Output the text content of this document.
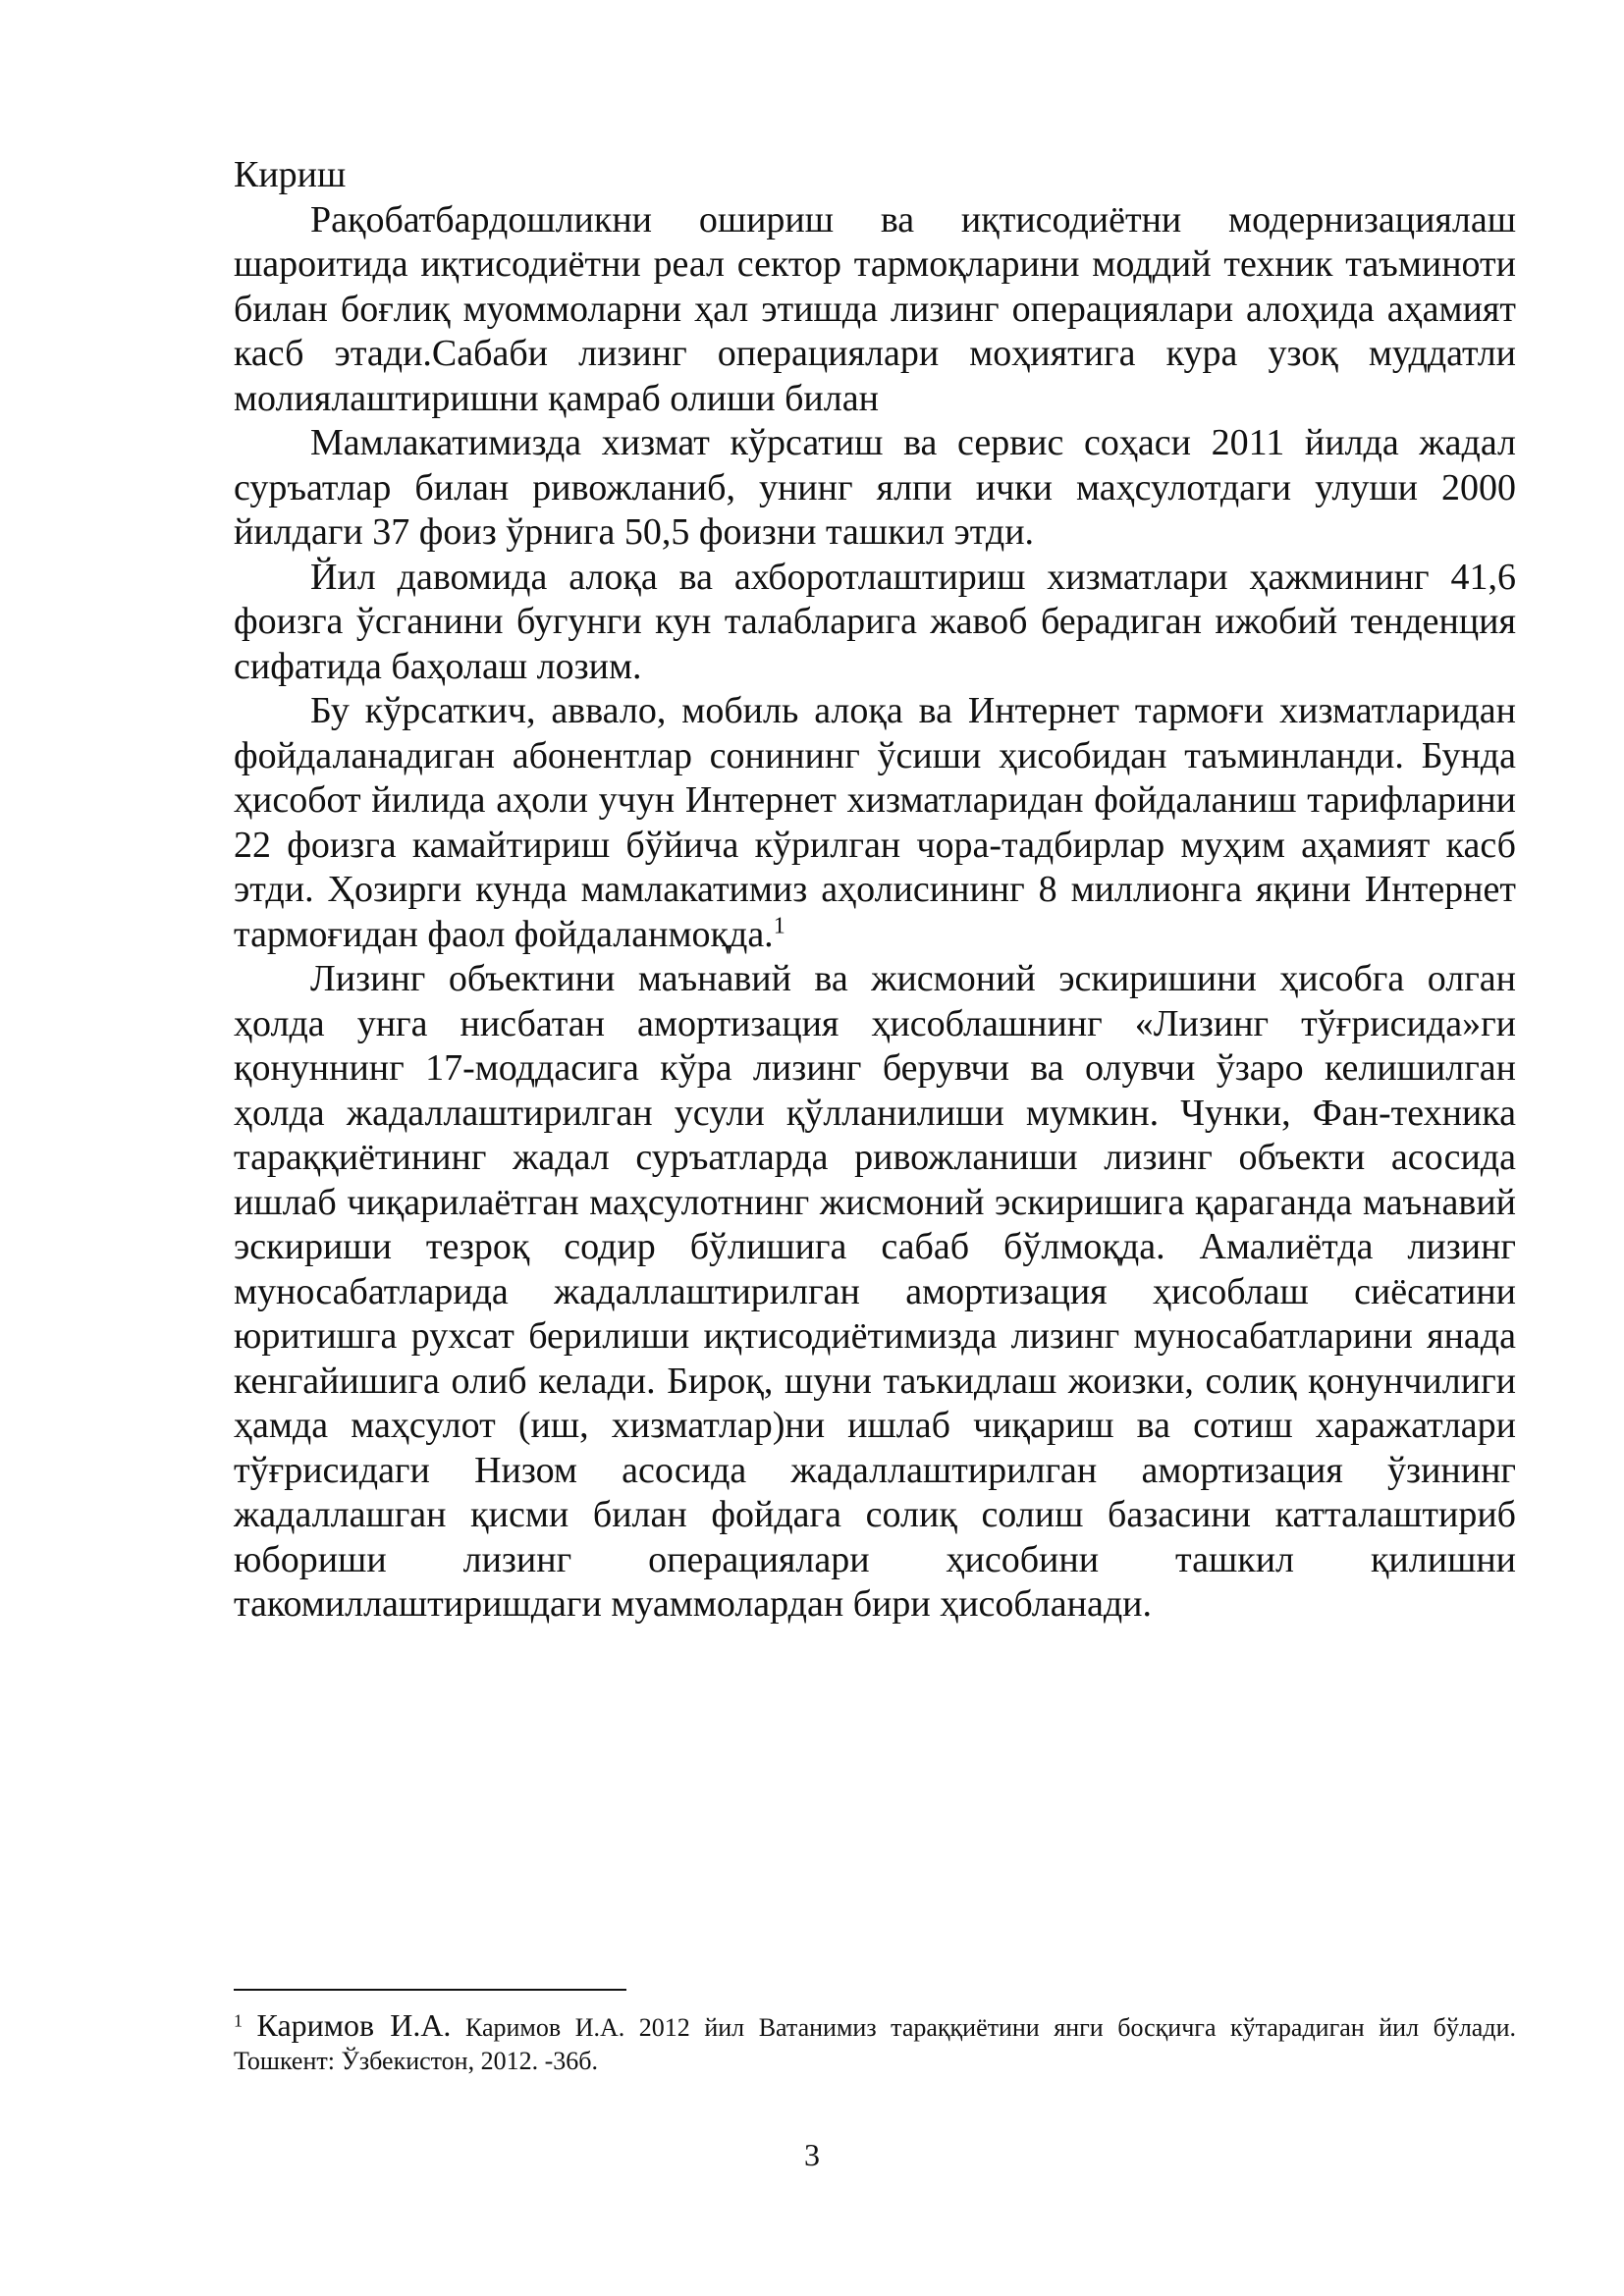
Кириш

Рақобатбардошликни ошириш ва иқтисодиётни модернизациялаш шароитида иқтисодиётни реал сектор тармоқларини моддий техник таъминоти билан боғлиқ муоммоларни ҳал этишда лизинг операциялари алоҳида аҳамият касб этади.Сабаби лизинг операциялари моҳиятига кура узоқ муддатли молиялаштиришни қамраб олиши билан

Мамлакатимизда хизмат кўрсатиш ва сервис соҳаси 2011 йилда жадал суръатлар билан ривожланиб, унинг ялпи ички маҳсулотдаги улуши 2000 йилдаги 37 фоиз ўрнига 50,5 фоизни ташкил этди.

Йил давомида алоқа ва ахборотлаштириш хизматлари ҳажмининг 41,6 фоизга ўсганини бугунги кун талабларига жавоб берадиган ижобий тенденция сифатида баҳолаш лозим.

Бу кўрсаткич, аввало, мобиль алоқа ва Интернет тармоғи хизматларидан фойдаланадиган абонентлар сонининг ўсиши ҳисобидан таъминланди. Бунда ҳисобот йилида аҳоли учун Интернет хизматларидан фойдаланиш тарифларини 22 фоизга камайтириш бўйича кўрилган чора-тадбирлар муҳим аҳамият касб этди. Ҳозирги кунда мамлакатимиз аҳолисининг 8 миллионга яқини Интернет тармоғидан фаол фойдаланмоқда.$^1$

Лизинг объектини маънавий ва жисмоний эскиришини ҳисобга олган ҳолда унга нисбатан амортизация ҳисоблашнинг «Лизинг тўғрисида»ги қонуннинг 17-моддасига кўра лизинг берувчи ва олувчи ўзаро келишилган ҳолда жадаллаштирилган усули қўлланилиши мумкин. Чунки, Фан-техника тараққиётининг жадал суръатларда ривожланиши лизинг объекти асосида ишлаб чиқарилаётган маҳсулотнинг жисмоний эскиришига қараганда маънавий эскириши тезроқ содир бўлишига сабаб бўлмоқда. Амалиётда лизинг муносабатларида жадаллаштирилган амортизация ҳисоблаш сиёсатини юритишга рухсат берилиши иқтисодиётимизда лизинг муносабатларини янада кенгайишига олиб келади. Бироқ, шуни таъкидлаш жоизки, солиқ қонунчилиги ҳамда маҳсулот (иш, хизматлар)ни ишлаб чиқариш ва сотиш харажатлари тўғрисидаги Низом асосида жадаллаштирилган амортизация ўзининг жадаллашган қисми билан фойдага солиқ солиш базасини катталаштириб юбориши лизинг операциялари ҳисобини ташкил қилишни такомиллаштиришдаги муаммолардан бири ҳисобланади.

$^1$ Каримов И.А. Каримов И.А. 2012 йил Ватанимиз тараққиётини янги босқичга кўтарадиган йил бўлади. Тошкент: Ўзбекистон, 2012. -36б.
3
